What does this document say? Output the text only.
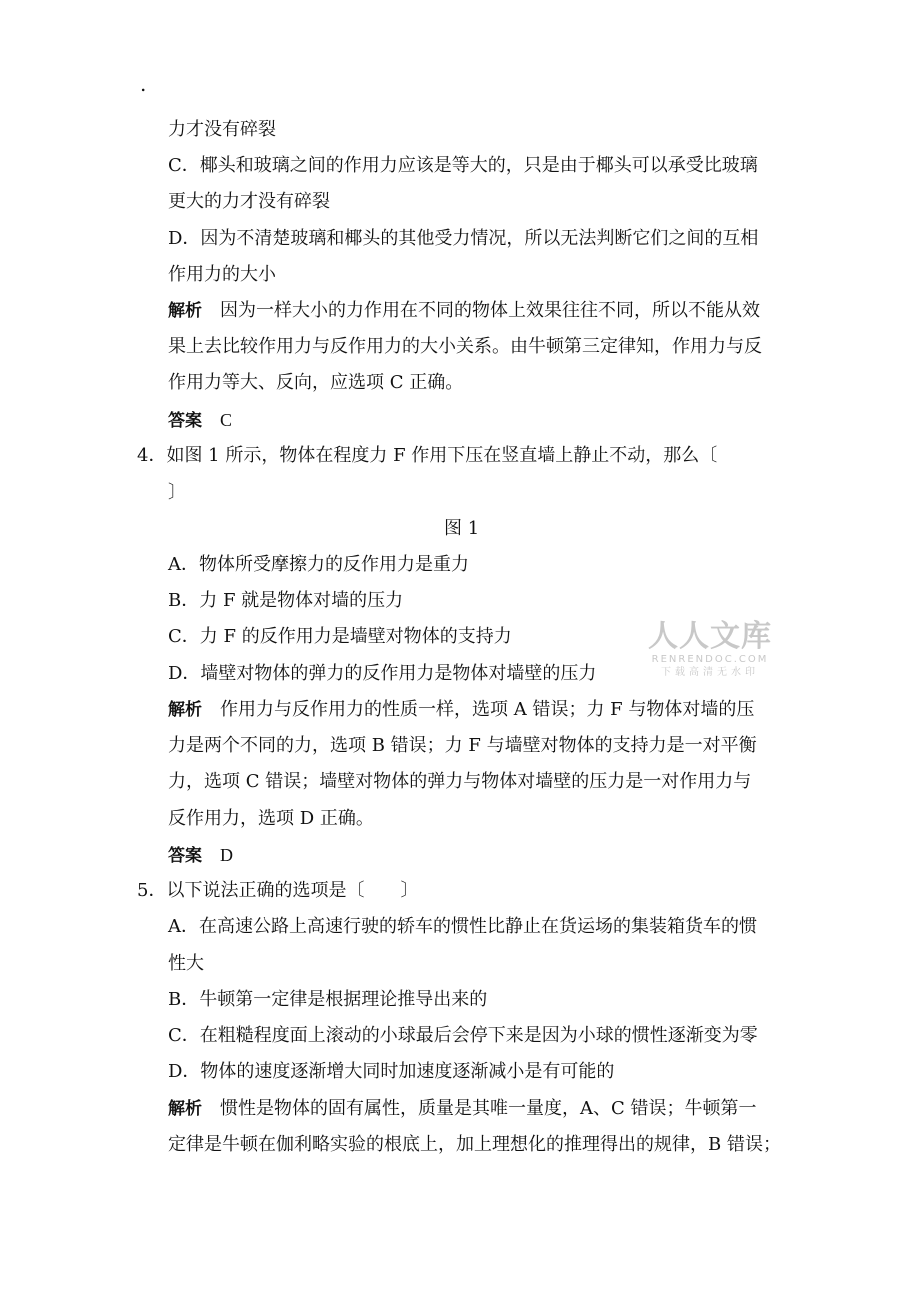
.
力才没有碎裂
C．椰头和玻璃之间的作用力应该是等大的，只是由于椰头可以承受比玻璃
更大的力才没有碎裂
D．因为不清楚玻璃和椰头的其他受力情况，所以无法判断它们之间的互相
作用力的大小
解析 因为一样大小的力作用在不同的物体上效果往往不同，所以不能从效
果上去比较作用力与反作用力的大小关系。由牛顿第三定律知，作用力与反
作用力等大、反向，应选项 C 正确。
答案 C
4．如图 1 所示，物体在程度力 F 作用下压在竖直墙上静止不动，那么〔
〕
图 1
A．物体所受摩擦力的反作用力是重力
B．力 F 就是物体对墙的压力
C．力 F 的反作用力是墙壁对物体的支持力
D．墙壁对物体的弹力的反作用力是物体对墙壁的压力
解析 作用力与反作用力的性质一样，选项 A 错误；力 F 与物体对墙的压
力是两个不同的力，选项 B 错误；力 F 与墙壁对物体的支持力是一对平衡
力，选项 C 错误；墙壁对物体的弹力与物体对墙壁的压力是一对作用力与
反作用力，选项 D 正确。
答案 D
5．以下说法正确的选项是〔　　〕
A．在高速公路上高速行驶的轿车的惯性比静止在货运场的集装箱货车的惯
性大
B．牛顿第一定律是根据理论推导出来的
C．在粗糙程度面上滚动的小球最后会停下来是因为小球的惯性逐渐变为零
D．物体的速度逐渐增大同时加速度逐渐减小是有可能的
解析 惯性是物体的固有属性，质量是其唯一量度，A、C 错误；牛顿第一
定律是牛顿在伽利略实验的根底上，加上理想化的推理得出的规律，B 错误；
人人文库
RENRENDOC.COM
下载高清无水印
